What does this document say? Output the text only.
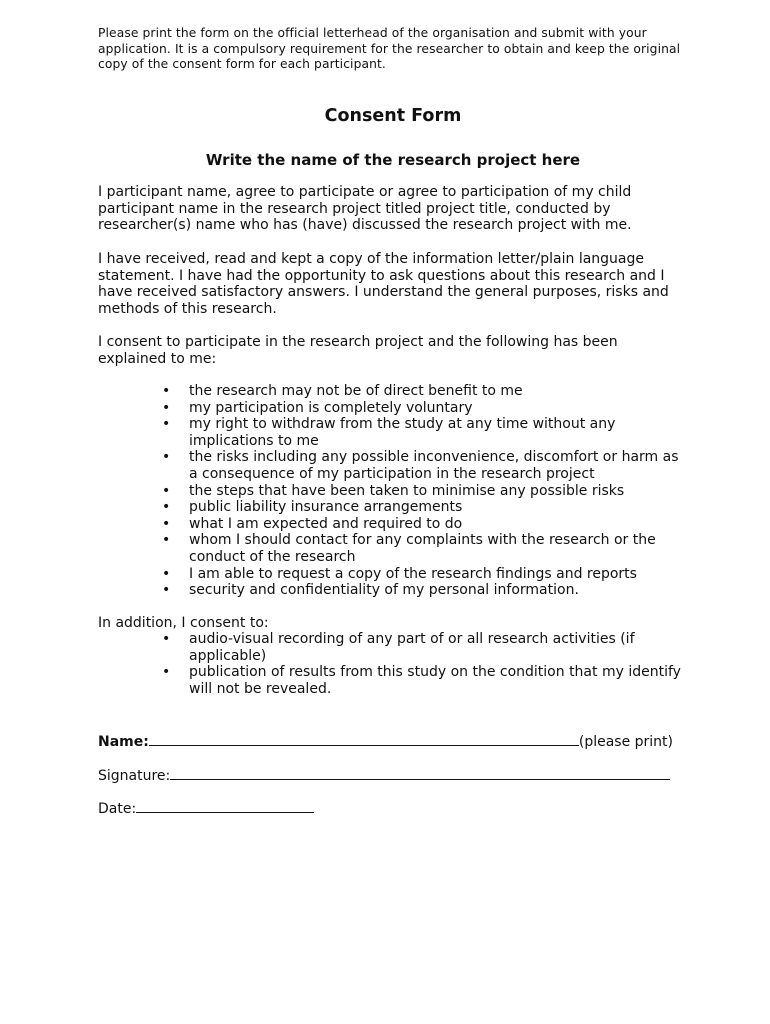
Please print the form on the official letterhead of the organisation and submit with your application. It is a compulsory requirement for the researcher to obtain and keep the original copy of the consent form for each participant.

Consent Form
Write the name of the research project here

I participant name, agree to participate or agree to participation of my child participant name in the research project titled project title, conducted by researcher(s) name who has (have) discussed the research project with me.

I have received, read and kept a copy of the information letter/plain language statement. I have had the opportunity to ask questions about this research and I have received satisfactory answers. I understand the general purposes, risks and methods of this research.

I consent to participate in the research project and the following has been explained to me:

• the research may not be of direct benefit to me
• my participation is completely voluntary
• my right to withdraw from the study at any time without any implications to me
• the risks including any possible inconvenience, discomfort or harm as a consequence of my participation in the research project
• the steps that have been taken to minimise any possible risks
• public liability insurance arrangements
• what I am expected and required to do
• whom I should contact for any complaints with the research or the conduct of the research
• I am able to request a copy of the research findings and reports
• security and confidentiality of my personal information.

In addition, I consent to:

• audio-visual recording of any part of or all research activities (if applicable)
• publication of results from this study on the condition that my identify will not be revealed.
Name:	(please print)
Signature:
Date:
